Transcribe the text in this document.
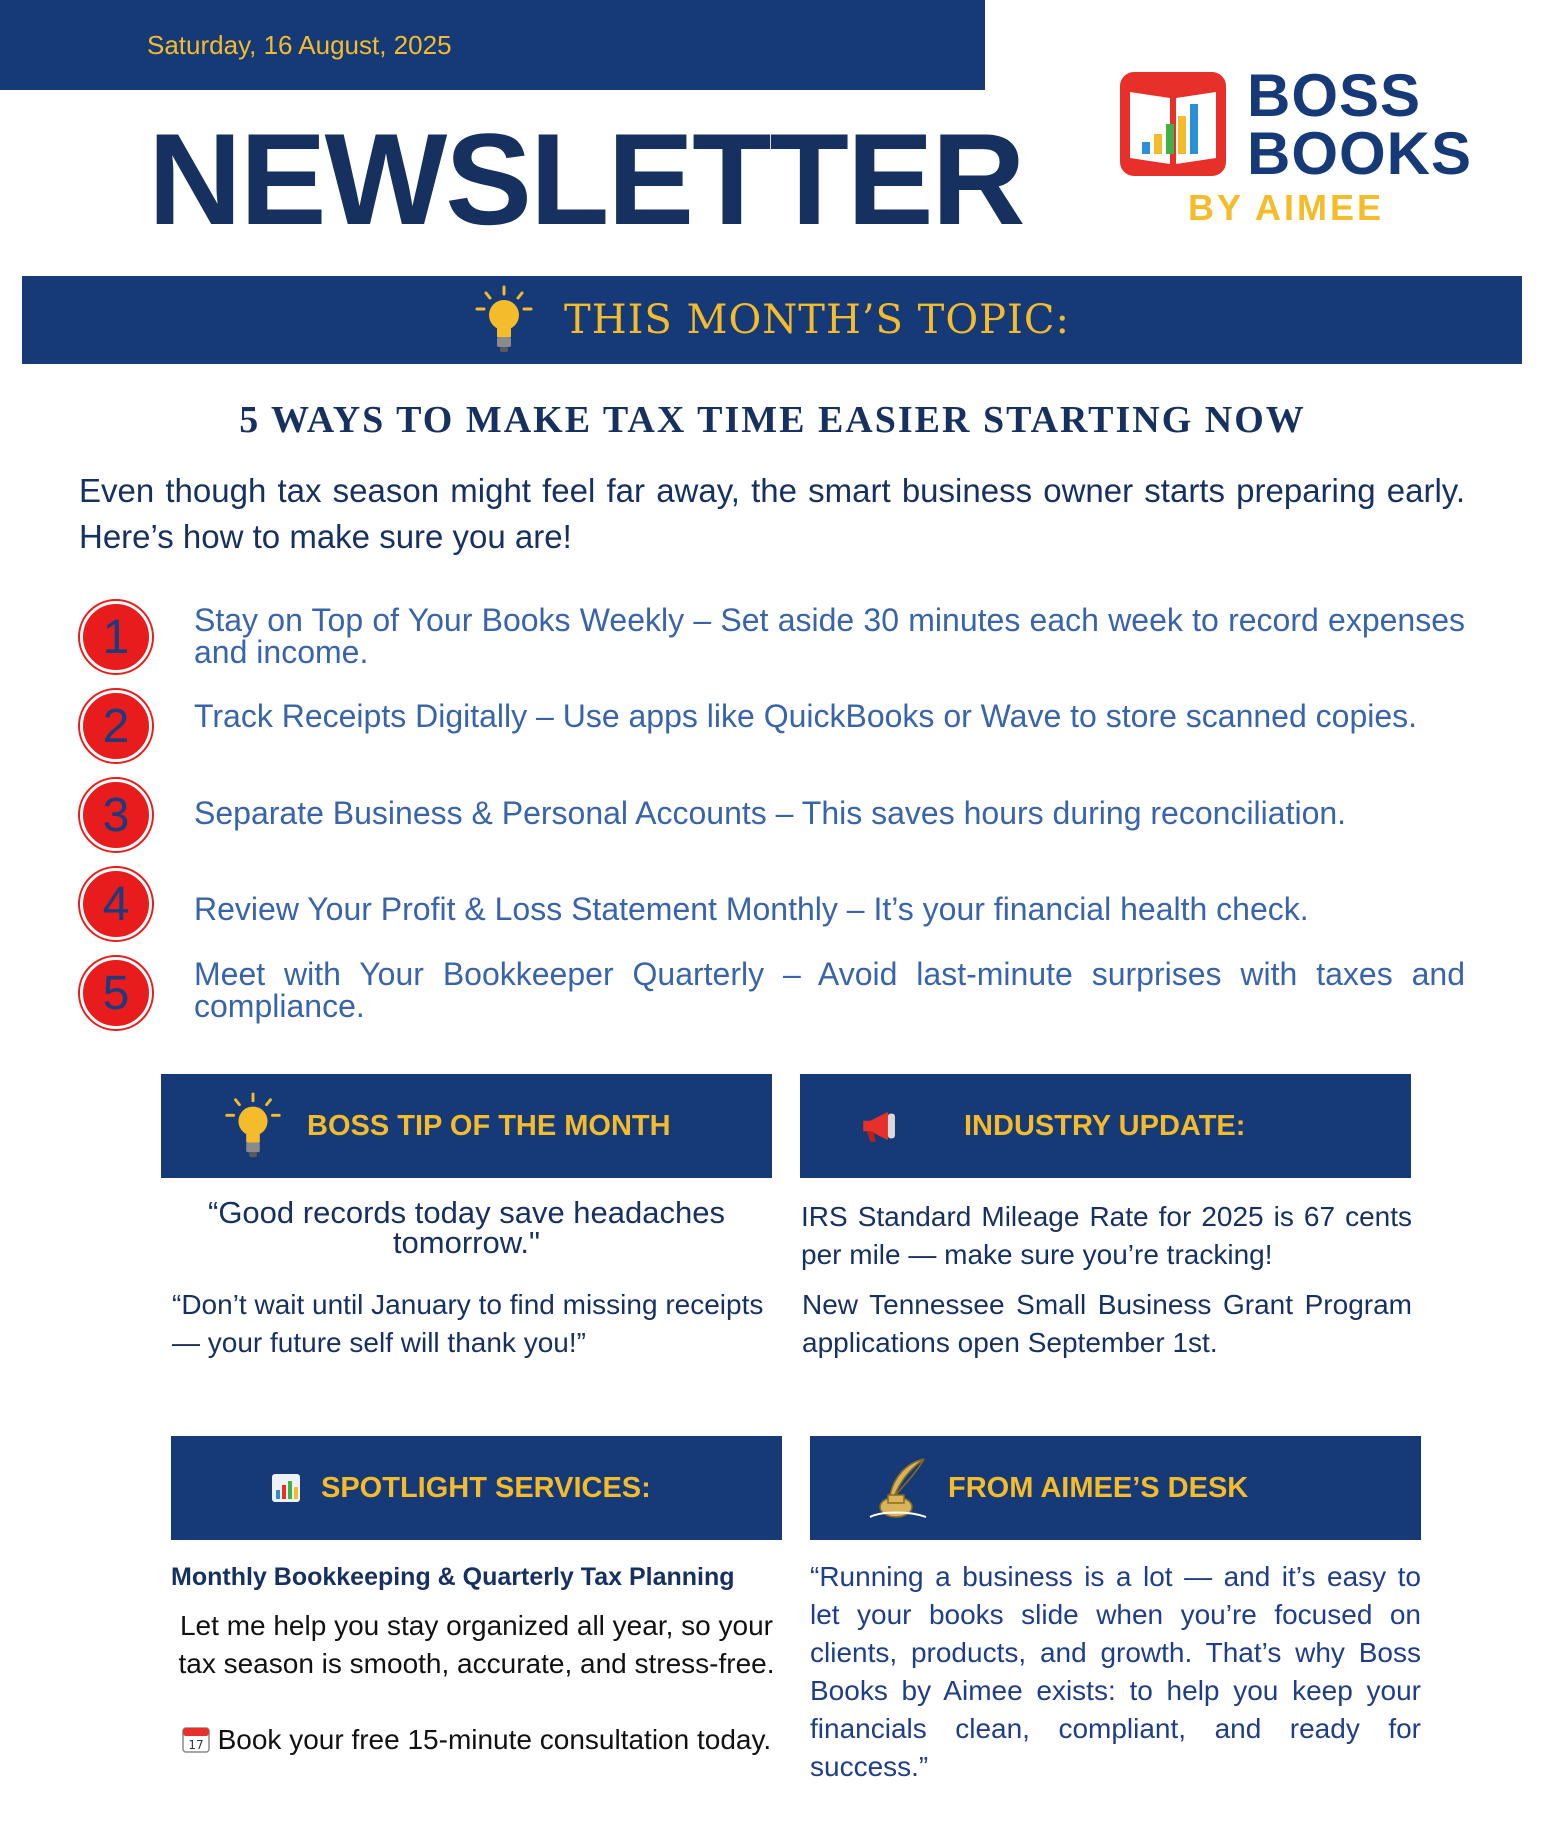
Saturday, 16 August, 2025
NEWSLETTER
BOSS
BOOKS
BY AIMEE
THIS MONTH’S TOPIC:
5 WAYS TO MAKE TAX TIME EASIER STARTING NOW

Even though tax season might feel far away, the smart business owner starts preparing early. Here’s how to make sure you are!

1	Stay on Top of Your Books Weekly – Set aside 30 minutes each week to record expenses and income.

2	Track Receipts Digitally – Use apps like QuickBooks or Wave to store scanned copies.

3	Separate Business & Personal Accounts – This saves hours during reconciliation.

4	Review Your Profit & Loss Statement Monthly – It’s your financial health check.

5	Meet with Your Bookkeeper Quarterly – Avoid last-minute surprises with taxes and compliance.

BOSS TIP OF THE MONTH

“Good records today save headaches tomorrow."

“Don’t wait until January to find missing receipts — your future self will thank you!”

INDUSTRY UPDATE:

IRS Standard Mileage Rate for 2025 is 67 cents per mile — make sure you’re tracking!

New Tennessee Small Business Grant Program applications open September 1st.

SPOTLIGHT SERVICES:

Monthly Bookkeeping & Quarterly Tax Planning

Let me help you stay organized all year, so your tax season is smooth, accurate, and stress-free.

17 Book your free 15-minute consultation today.

FROM AIMEE’S DESK

“Running a business is a lot — and it’s easy to let your books slide when you’re focused on clients, products, and growth. That’s why Boss Books by Aimee exists: to help you keep your financials clean, compliant, and ready for success.”
